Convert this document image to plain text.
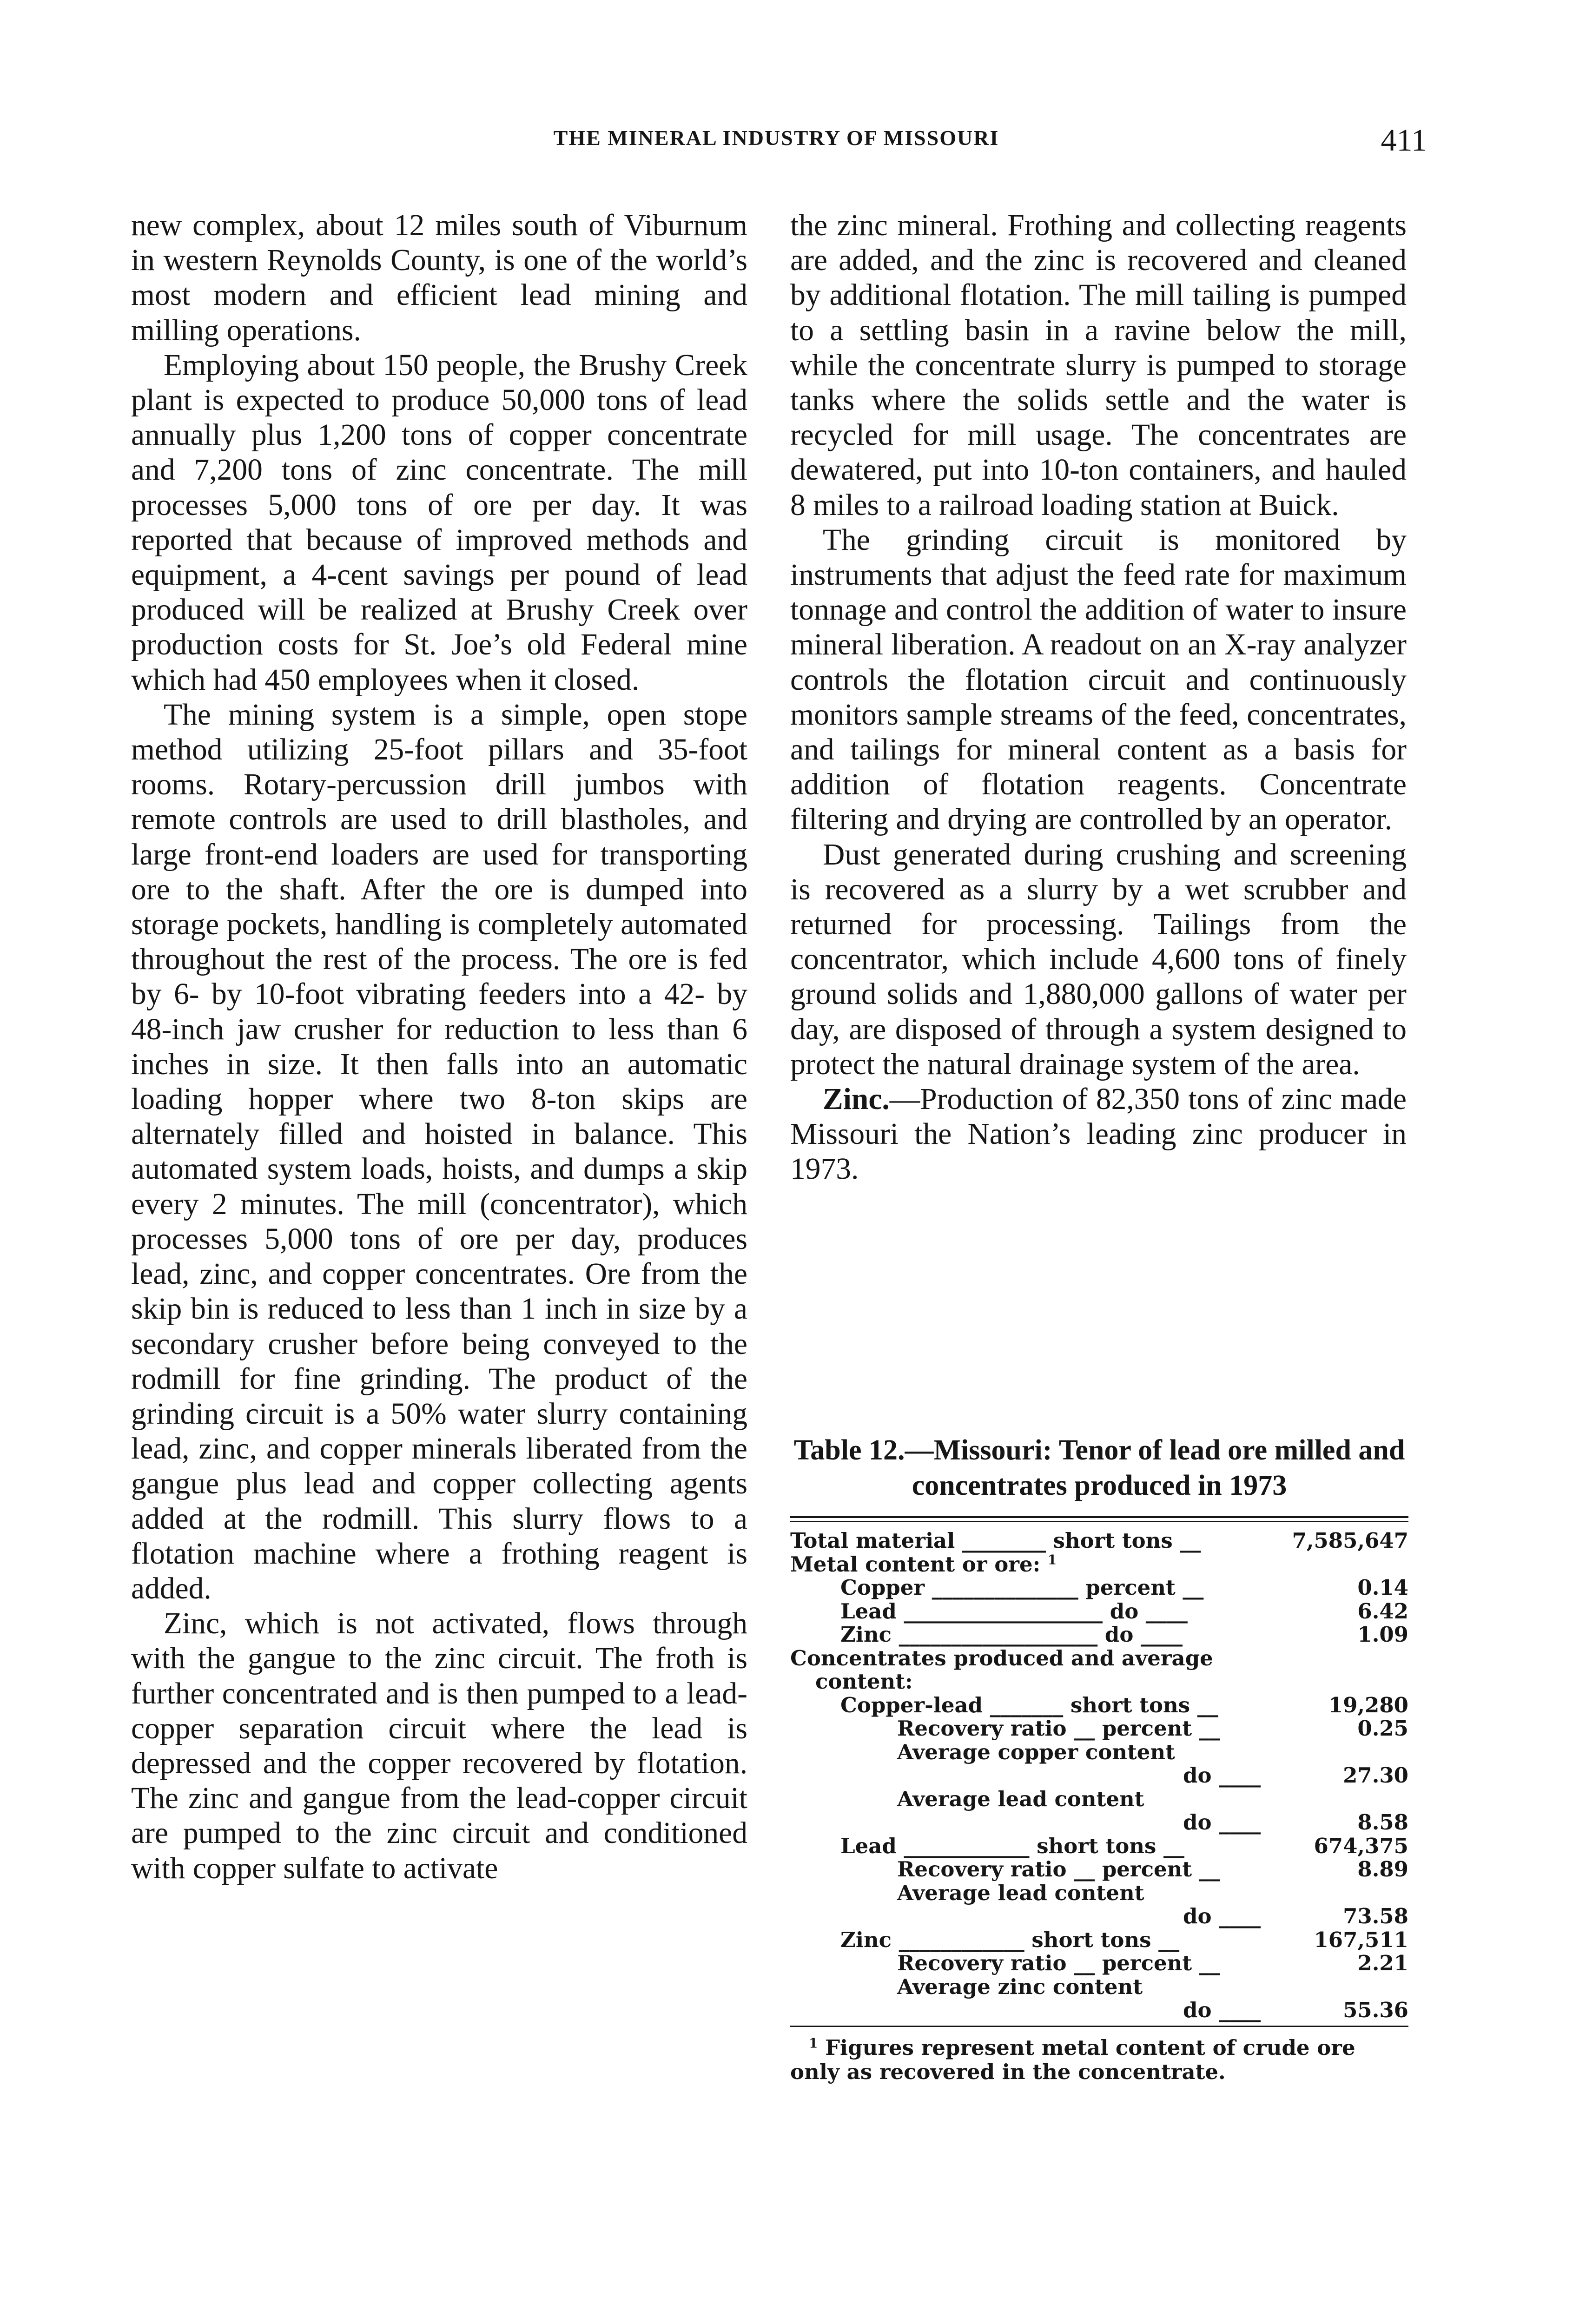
THE MINERAL INDUSTRY OF MISSOURI	411

new complex, about 12 miles south of Viburnum in western Reynolds County, is one of the world’s most modern and efficient lead mining and milling operations.

Employing about 150 people, the Brushy Creek plant is expected to produce 50,000 tons of lead annually plus 1,200 tons of copper concentrate and 7,200 tons of zinc concentrate. The mill processes 5,000 tons of ore per day. It was reported that because of improved methods and equipment, a 4-cent savings per pound of lead produced will be realized at Brushy Creek over production costs for St. Joe’s old Federal mine which had 450 employees when it closed.

The mining system is a simple, open stope method utilizing 25-foot pillars and 35-foot rooms. Rotary-percussion drill jumbos with remote controls are used to drill blastholes, and large front-end loaders are used for transporting ore to the shaft. After the ore is dumped into storage pockets, handling is completely automated throughout the rest of the process. The ore is fed by 6- by 10-foot vibrating feeders into a 42- by 48-inch jaw crusher for reduction to less than 6 inches in size. It then falls into an automatic loading hopper where two 8-ton skips are alternately filled and hoisted in balance. This automated system loads, hoists, and dumps a skip every 2 minutes. The mill (concentrator), which processes 5,000 tons of ore per day, produces lead, zinc, and copper concentrates. Ore from the skip bin is reduced to less than 1 inch in size by a secondary crusher before being conveyed to the rodmill for fine grinding. The product of the grinding circuit is a 50% water slurry containing lead, zinc, and copper minerals liberated from the gangue plus lead and copper collecting agents added at the rodmill. This slurry flows to a flotation machine where a frothing reagent is added.

Zinc, which is not activated, flows through with the gangue to the zinc circuit. The froth is further concentrated and is then pumped to a lead-copper separation circuit where the lead is depressed and the copper recovered by flotation. The zinc and gangue from the lead-copper circuit are pumped to the zinc circuit and conditioned with copper sulfate to activate

the zinc mineral. Frothing and collecting reagents are added, and the zinc is recovered and cleaned by additional flotation. The mill tailing is pumped to a settling basin in a ravine below the mill, while the concentrate slurry is pumped to storage tanks where the solids settle and the water is recycled for mill usage. The concentrates are dewatered, put into 10-ton containers, and hauled 8 miles to a railroad loading station at Buick.

The grinding circuit is monitored by instruments that adjust the feed rate for maximum tonnage and control the addition of water to insure mineral liberation. A readout on an X-ray analyzer controls the flotation circuit and continuously monitors sample streams of the feed, concentrates, and tailings for mineral content as a basis for addition of flotation reagents. Concentrate filtering and drying are controlled by an operator.

Dust generated during crushing and screening is recovered as a slurry by a wet scrubber and returned for processing. Tailings from the concentrator, which include 4,600 tons of finely ground solids and 1,880,000 gallons of water per day, are disposed of through a system designed to protect the natural drainage system of the area.

Zinc.—Production of 82,350 tons of zinc made Missouri the Nation’s leading zinc producer in 1973.

Table 12.—Missouri: Tenor of lead ore milled and concentrates produced in 1973
Total material ________ short tons __	7,585,647
Metal content or ore: $^1$
Copper ______________ percent __	0.14
Lead ___________________ do ____	6.42
Zinc ___________________ do ____	1.09
Concentrates produced and average
content:
Copper-lead _______ short tons __	19,280
Recovery ratio __ percent __	0.25
Average copper content
do ____	27.30
Average lead content
do ____	8.58
Lead ____________ short tons __	674,375
Recovery ratio __ percent __	8.89
Average lead content
do ____	73.58
Zinc ____________ short tons __	167,511
Recovery ratio __ percent __	2.21
Average zinc content
do ____	55.36
$^1$ Figures represent metal content of crude ore only as recovered in the concentrate.
